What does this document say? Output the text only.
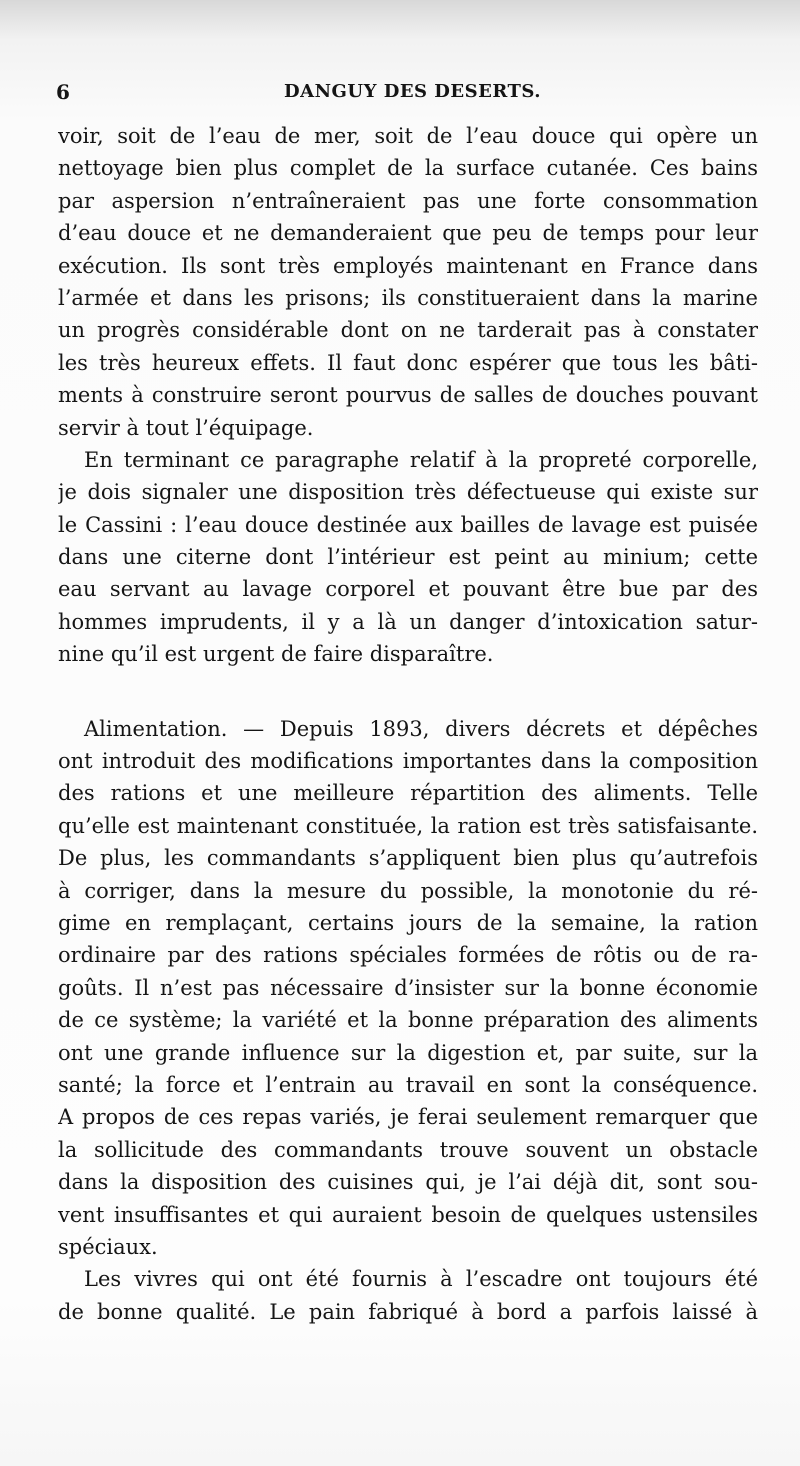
6	DANGUY DES DESERTS.
voir, soit de l’eau de mer, soit de l’eau douce qui opère un
nettoyage bien plus complet de la surface cutanée. Ces bains
par aspersion n’entraîneraient pas une forte consommation
d’eau douce et ne demanderaient que peu de temps pour leur
exécution. Ils sont très employés maintenant en France dans
l’armée et dans les prisons; ils constitueraient dans la marine
un progrès considérable dont on ne tarderait pas à constater
les très heureux effets. Il faut donc espérer que tous les bâti-
ments à construire seront pourvus de salles de douches pouvant
servir à tout l’équipage.
En terminant ce paragraphe relatif à la propreté corporelle,
je dois signaler une disposition très défectueuse qui existe sur
le Cassini : l’eau douce destinée aux bailles de lavage est puisée
dans une citerne dont l’intérieur est peint au minium; cette
eau servant au lavage corporel et pouvant être bue par des
hommes imprudents, il y a là un danger d’intoxication satur-
nine qu’il est urgent de faire disparaître.
Alimentation. — Depuis 1893, divers décrets et dépêches
ont introduit des modifications importantes dans la composition
des rations et une meilleure répartition des aliments. Telle
qu’elle est maintenant constituée, la ration est très satisfaisante.
De plus, les commandants s’appliquent bien plus qu’autrefois
à corriger, dans la mesure du possible, la monotonie du ré-
gime en remplaçant, certains jours de la semaine, la ration
ordinaire par des rations spéciales formées de rôtis ou de ra-
goûts. Il n’est pas nécessaire d’insister sur la bonne économie
de ce système; la variété et la bonne préparation des aliments
ont une grande influence sur la digestion et, par suite, sur la
santé; la force et l’entrain au travail en sont la conséquence.
A propos de ces repas variés, je ferai seulement remarquer que
la sollicitude des commandants trouve souvent un obstacle
dans la disposition des cuisines qui, je l’ai déjà dit, sont sou-
vent insuffisantes et qui auraient besoin de quelques ustensiles
spéciaux.
Les vivres qui ont été fournis à l’escadre ont toujours été
de bonne qualité. Le pain fabriqué à bord a parfois laissé à
